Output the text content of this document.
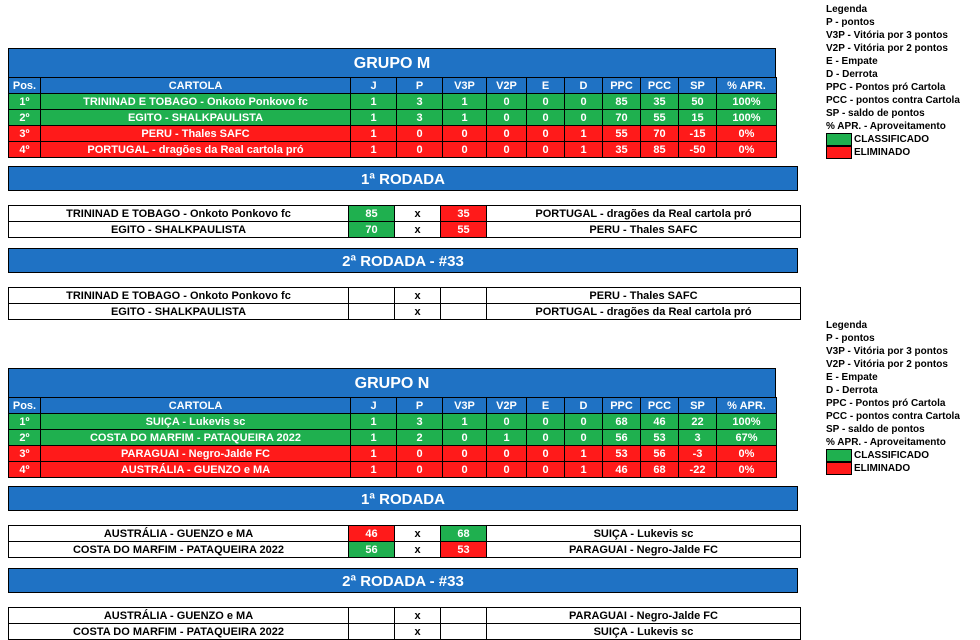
Legenda
P - pontos
V3P - Vitória por 3 pontos
V2P - Vitória por 2 pontos
E - Empate
D - Derrota
PPC - Pontos pró Cartola
PCC - pontos contra Cartola
SP - saldo de pontos
% APR. - Aproveitamento
CLASSIFICADO
ELIMINADO
GRUPO M
Pos.	CARTOLA	J	P	V3P	V2P	E	D	PPC	PCC	SP	% APR.
1º	TRININAD E TOBAGO - Onkoto Ponkovo fc	1	3	1	0	0	0	85	35	50	100%
2º	EGITO - SHALKPAULISTA	1	3	1	0	0	0	70	55	15	100%
3º	PERU - Thales SAFC	1	0	0	0	0	1	55	70	-15	0%
4º	PORTUGAL - dragões da Real cartola pró	1	0	0	0	0	1	35	85	-50	0%
1ª RODADA
TRININAD E TOBAGO - Onkoto Ponkovo fc	85	x	35	PORTUGAL - dragões da Real cartola pró
EGITO - SHALKPAULISTA	70	x	55	PERU - Thales SAFC
2ª RODADA - #33
TRININAD E TOBAGO - Onkoto Ponkovo fc		x		PERU - Thales SAFC
EGITO - SHALKPAULISTA		x		PORTUGAL - dragões da Real cartola pró
Legenda
P - pontos
V3P - Vitória por 3 pontos
V2P - Vitória por 2 pontos
E - Empate
D - Derrota
PPC - Pontos pró Cartola
PCC - pontos contra Cartola
SP - saldo de pontos
% APR. - Aproveitamento
CLASSIFICADO
ELIMINADO
GRUPO N
Pos.	CARTOLA	J	P	V3P	V2P	E	D	PPC	PCC	SP	% APR.
1º	SUIÇA - Lukevis sc	1	3	1	0	0	0	68	46	22	100%
2º	COSTA DO MARFIM - PATAQUEIRA 2022	1	2	0	1	0	0	56	53	3	67%
3º	PARAGUAI - Negro-Jalde FC	1	0	0	0	0	1	53	56	-3	0%
4º	AUSTRÁLIA - GUENZO e MA	1	0	0	0	0	1	46	68	-22	0%
1ª RODADA
AUSTRÁLIA - GUENZO e MA	46	x	68	SUIÇA - Lukevis sc
COSTA DO MARFIM - PATAQUEIRA 2022	56	x	53	PARAGUAI - Negro-Jalde FC
2ª RODADA - #33
AUSTRÁLIA - GUENZO e MA		x		PARAGUAI - Negro-Jalde FC
COSTA DO MARFIM - PATAQUEIRA 2022		x		SUIÇA - Lukevis sc
